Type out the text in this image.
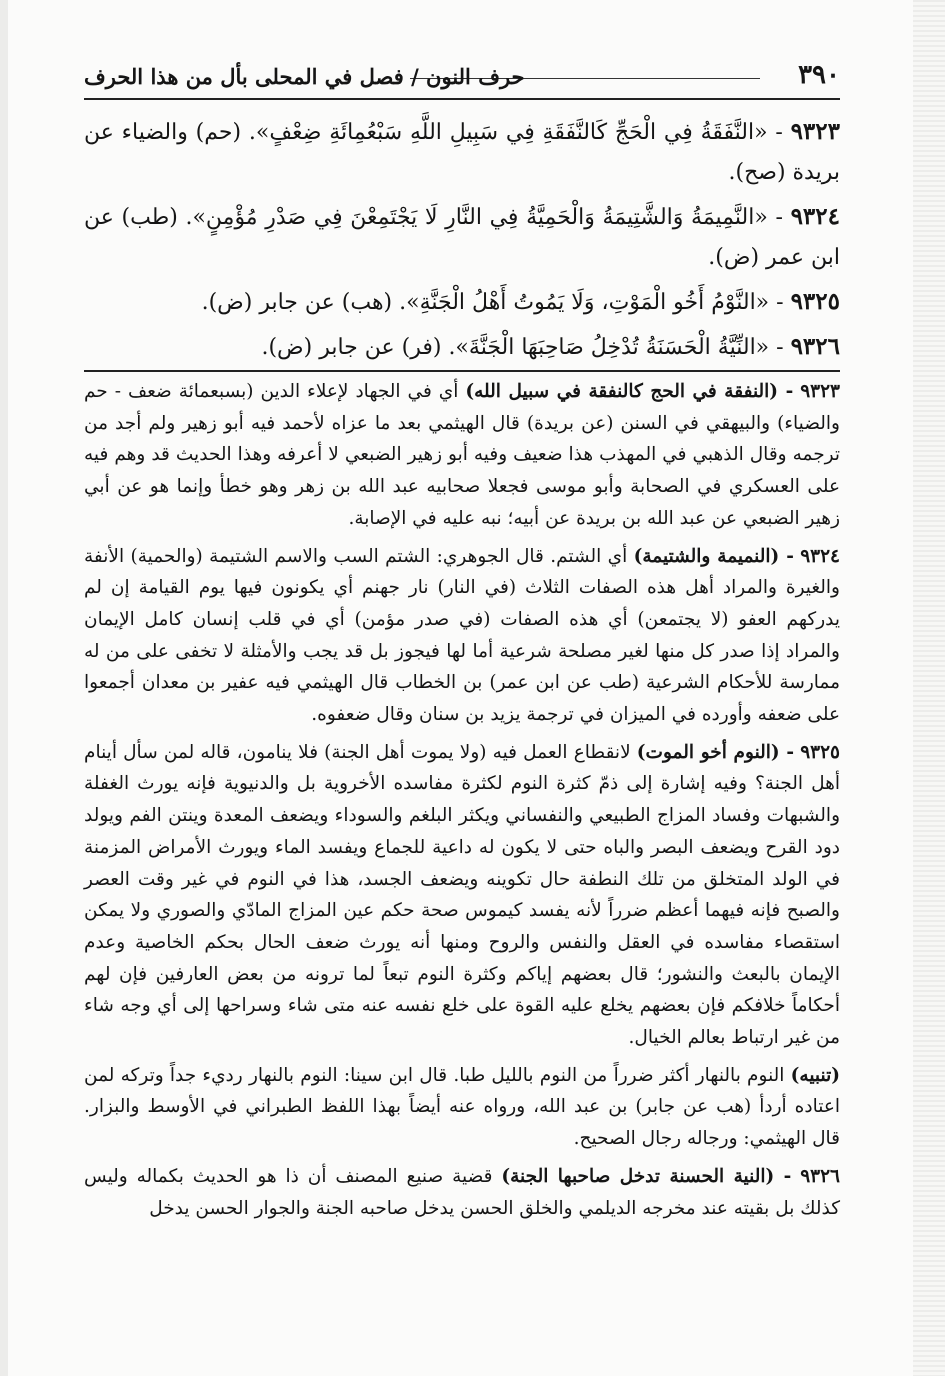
٣٩٠
حرف النون / فصل في المحلى بأل من هذا الحرف

٩٣٢٣ - «النَّفَقَةُ فِي الْحَجِّ كَالنَّفَقَةِ فِي سَبِيلِ اللَّهِ سَبْعُمِائَةِ ضِعْفٍ». (حم) والضياء عن بريدة (صح).

٩٣٢٤ - «النَّمِيمَةُ وَالشَّتِيمَةُ وَالْحَمِيَّةُ فِي النَّارِ لَا يَجْتَمِعْنَ فِي صَدْرِ مُؤْمِنٍ». (طب) عن ابن عمر (ض).

٩٣٢٥ - «النَّوْمُ أَخُو الْمَوْتِ، وَلَا يَمُوتُ أَهْلُ الْجَنَّةِ». (هب) عن جابر (ض).

٩٣٢٦ - «النِّيَّةُ الْحَسَنَةُ تُدْخِلُ صَاحِبَهَا الْجَنَّةَ». (فر) عن جابر (ض).

٩٣٢٣ - (النفقة في الحج كالنفقة في سبيل الله) أي في الجهاد لإعلاء الدين (بسبعمائة ضعف - حم والضياء) والبيهقي في السنن (عن بريدة) قال الهيثمي بعد ما عزاه لأحمد فيه أبو زهير ولم أجد من ترجمه وقال الذهبي في المهذب هذا ضعيف وفيه أبو زهير الضبعي لا أعرفه وهذا الحديث قد وهم فيه على العسكري في الصحابة وأبو موسى فجعلا صحابيه عبد الله بن زهر وهو خطأ وإنما هو عن أبي زهير الضبعي عن عبد الله بن بريدة عن أبيه؛ نبه عليه في الإصابة.

٩٣٢٤ - (النميمة والشتيمة) أي الشتم. قال الجوهري: الشتم السب والاسم الشتيمة (والحمية) الأنفة والغيرة والمراد أهل هذه الصفات الثلاث (في النار) نار جهنم أي يكونون فيها يوم القيامة إن لم يدركهم العفو (لا يجتمعن) أي هذه الصفات (في صدر مؤمن) أي في قلب إنسان كامل الإيمان والمراد إذا صدر كل منها لغير مصلحة شرعية أما لها فيجوز بل قد يجب والأمثلة لا تخفى على من له ممارسة للأحكام الشرعية (طب عن ابن عمر) بن الخطاب قال الهيثمي فيه عفير بن معدان أجمعوا على ضعفه وأورده في الميزان في ترجمة يزيد بن سنان وقال ضعفوه.

٩٣٢٥ - (النوم أخو الموت) لانقطاع العمل فيه (ولا يموت أهل الجنة) فلا ينامون، قاله لمن سأل أينام أهل الجنة؟ وفيه إشارة إلى ذمّ كثرة النوم لكثرة مفاسده الأخروية بل والدنيوية فإنه يورث الغفلة والشبهات وفساد المزاج الطبيعي والنفساني ويكثر البلغم والسوداء ويضعف المعدة وينتن الفم ويولد دود القرح ويضعف البصر والباه حتى لا يكون له داعية للجماع ويفسد الماء ويورث الأمراض المزمنة في الولد المتخلق من تلك النطفة حال تكوينه ويضعف الجسد، هذا في النوم في غير وقت العصر والصبح فإنه فيهما أعظم ضرراً لأنه يفسد كيموس صحة حكم عين المزاج المادّي والصوري ولا يمكن استقصاء مفاسده في العقل والنفس والروح ومنها أنه يورث ضعف الحال بحكم الخاصية وعدم الإيمان بالبعث والنشور؛ قال بعضهم إياكم وكثرة النوم تبعاً لما ترونه من بعض العارفين فإن لهم أحكاماً خلافكم فإن بعضهم يخلع عليه القوة على خلع نفسه عنه متى شاء وسراحها إلى أي وجه شاء من غير ارتباط بعالم الخيال.

(تنبيه) النوم بالنهار أكثر ضرراً من النوم بالليل طبا. قال ابن سينا: النوم بالنهار رديء جداً وتركه لمن اعتاده أردأ (هب عن جابر) بن عبد الله، ورواه عنه أيضاً بهذا اللفظ الطبراني في الأوسط والبزار. قال الهيثمي: ورجاله رجال الصحيح.

٩٣٢٦ - (النية الحسنة تدخل صاحبها الجنة) قضية صنيع المصنف أن ذا هو الحديث بكماله وليس كذلك بل بقيته عند مخرجه الديلمي والخلق الحسن يدخل صاحبه الجنة والجوار الحسن يدخل
